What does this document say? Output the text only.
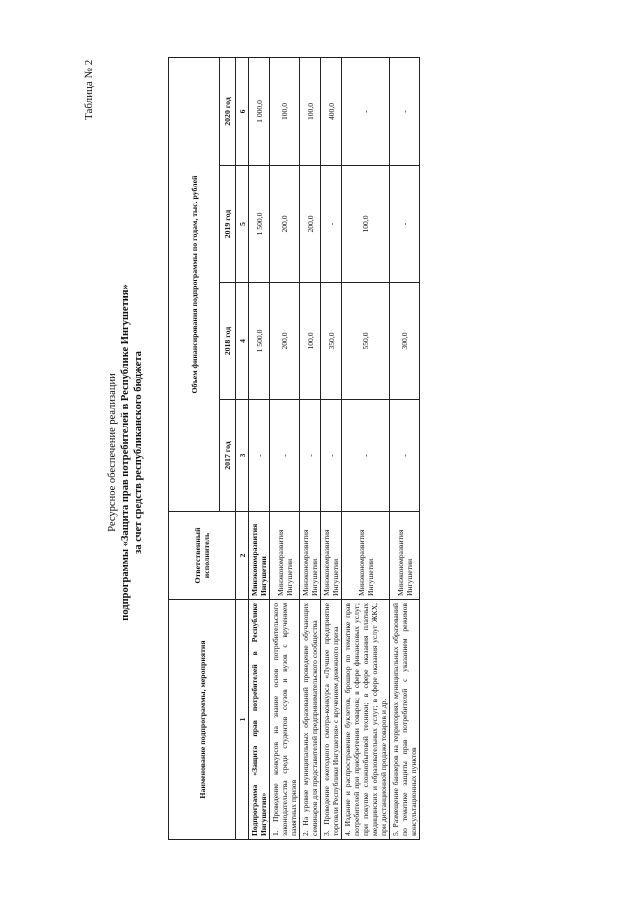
Таблица № 2
Ресурсное обеспечение реализации подпрограммы «Защита прав потребителей в Республике Ингушетия» за счет средств республиканского бюджета
Наименование подпрограммы, мероприятия	Ответственный исполнитель	Объем финансирования подпрограммы по годам, тыс. рублей			
		2017 год	2018 год	2019 год	2020 год
1	2	3	4	5	6
Подпрограмма «Защита прав потребителей в Республике Ингушетия»	Минэкономразвития Ингушетии	-	1 500,0	1 500,0	1 000,0
1. Проведение конкурсов на знание основ потребительского законодательства среди студентов ссузов и вузов с вручением памятных призов	Минэкономразвития Ингушетии	-	200,0	200,0	100,0
2. На уровне муниципальных образований проведение обучающих семинаров для представителей предпринимательского сообщества	Минэкономразвития Ингушетии	-	100,0	200,0	100,0
3. Проведение ежегодного смотра-конкурса «Лучшее предприятие торговли Республики Ингушетия» с вручением денежного приза	Минэкономразвития Ингушетии	-	350,0	-	400,0
4. Издание и распространение буклетов, брошюр по тематике прав потребителей при приобретении товаров; в сфере финансовых услуг; при покупке сложнобытовой техники; в сфере оказания платных медицинских и образовательных услуг; в сфере оказания услуг ЖКХ, при дистанционной продаже товаров и др.	Минэкономразвития Ингушетии	-	550,0	100,0	-
5. Размещение баннеров на территориях муниципальных образований по тематике защиты прав потребителей с указанием режимов консультационных пунктов	Минэкономразвития Ингушетии	-	300,0	-	-
